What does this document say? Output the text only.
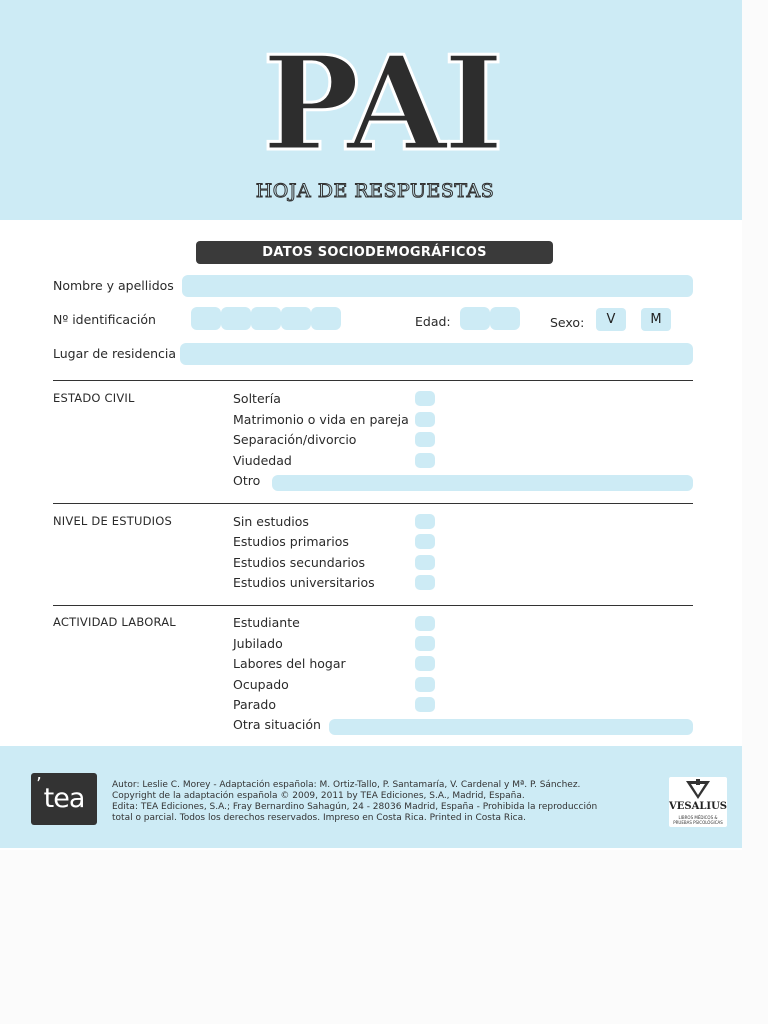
PAI
HOJA DE RESPUESTAS
DATOS SOCIODEMOGRÁFICOS
Nombre y apellidos
Nº identificación	Edad:	Sexo:	V	M
Lugar de residencia
ESTADO CIVIL	Soltería
Matrimonio o vida en pareja
Separación/divorcio
Viudedad
Otro
NIVEL DE ESTUDIOS	Sin estudios
Estudios primarios
Estudios secundarios
Estudios universitarios
ACTIVIDAD LABORAL	Estudiante
Jubilado
Labores del hogar
Ocupado
Parado
Otra situación
’ tea	Autor: Leslie C. Morey - Adaptación española: M. Ortiz-Tallo, P. Santamaría, V. Cardenal y Mª. P. Sánchez.
Copyright de la adaptación española © 2009, 2011 by TEA Ediciones, S.A., Madrid, España.
Edita: TEA Ediciones, S.A.; Fray Bernardino Sahagún, 24 - 28036 Madrid, España - Prohibida la reproducción
total o parcial. Todos los derechos reservados. Impreso en Costa Rica. Printed in Costa Rica.
VESALIUS
LIBROS MÉDICOS & PRUEBAS PSICOLÓGICAS
